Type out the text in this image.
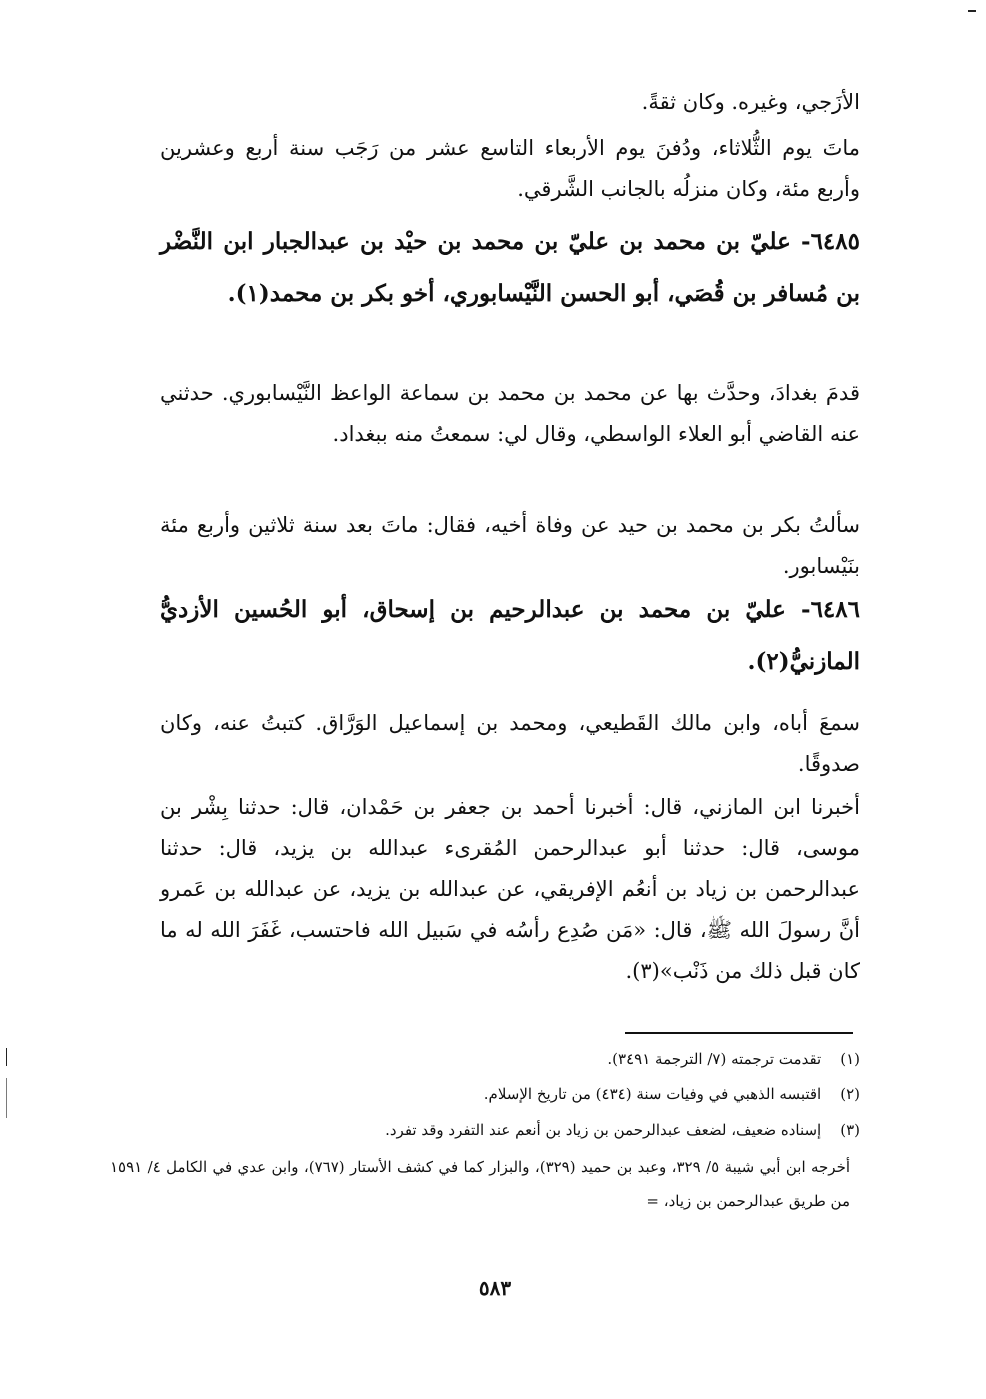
الأزَجي، وغيره. وكان ثقةً.
ماتَ يوم الثُّلاثاء، ودُفنَ يوم الأربعاء التاسع عشر من رَجَب سنة أربع وعشرين وأربع مئة، وكان منزلُه بالجانب الشَّرقي.
٦٤٨٥- عليّ بن محمد بن عليّ بن محمد بن حيْد بن عبدالجبار ابن النَّضْر بن مُسافر بن قُصَي، أبو الحسن النَّيْسابوري، أخو بكر بن محمد(١).
قدمَ بغدادَ، وحدَّث بها عن محمد بن محمد بن سماعة الواعظ النَّيْسابوري. حدثني عنه القاضي أبو العلاء الواسطي، وقال لي: سمعتُ منه ببغداد.
سألتُ بكر بن محمد بن حيد عن وفاة أخيه، فقال: ماتَ بعد سنة ثلاثين وأربع مئة بنَيْسابور.
٦٤٨٦- عليّ بن محمد بن عبدالرحيم بن إسحاق، أبو الحُسين الأزديُّ المازنيُّ(٢).
سمعَ أباه، وابن مالك القَطيعي، ومحمد بن إسماعيل الوَرَّاق. كتبتُ عنه، وكان صدوقًا.
أخبرنا ابن المازني، قال: أخبرنا أحمد بن جعفر بن حَمْدان، قال: حدثنا بِشْر بن موسى، قال: حدثنا أبو عبدالرحمن المُقرىء عبدالله بن يزيد، قال: حدثنا عبدالرحمن بن زياد بن أنعُم الإفريقي، عن عبدالله بن يزيد، عن عبدالله بن عَمرو أنَّ رسولَ الله ﷺ، قال: «مَن صُدِع رأسُه في سَبيل الله فاحتسب، غَفَرَ الله له ما كان قبل ذلك من ذَنْب»(٣).
(١) تقدمت ترجمته (٧/ الترجمة ٣٤٩١).
(٢) اقتبسه الذهبي في وفيات سنة (٤٣٤) من تاريخ الإسلام.
(٣) إسناده ضعيف، لضعف عبدالرحمن بن زياد بن أنعم عند التفرد وقد تفرد.
أخرجه ابن أبي شيبة ٥/ ٣٢٩، وعبد بن حميد (٣٢٩)، والبزار كما في كشف الأستار (٧٦٧)، وابن عدي في الكامل ٤/ ١٥٩١ من طريق عبدالرحمن بن زياد، =
٥٨٣
